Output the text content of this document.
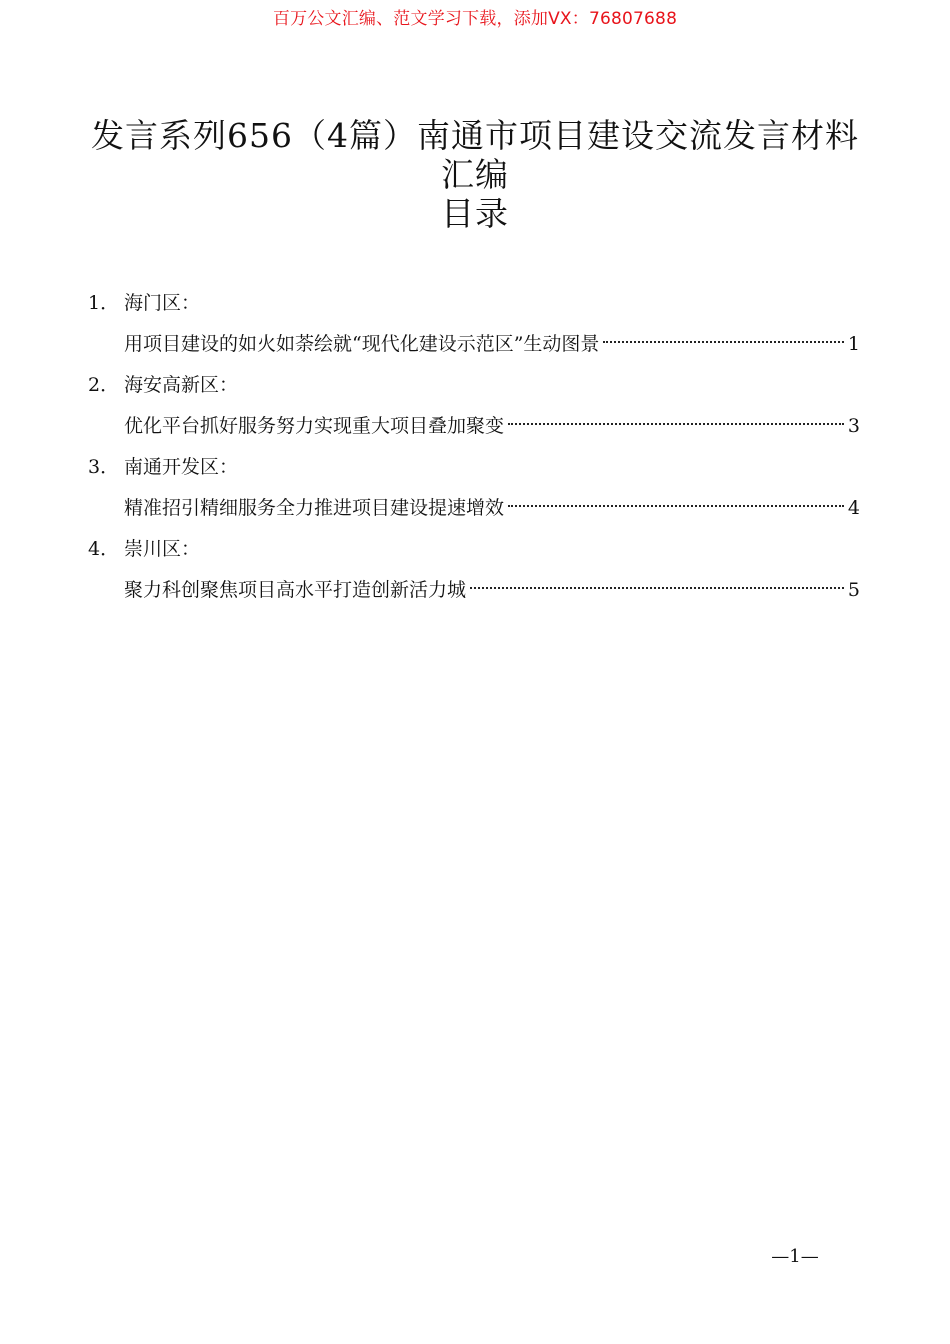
百万公文汇编、范文学习下载，添加VX：76807688
发言系列656（4篇）南通市项目建设交流发言材料
汇编
目录
1． 海门区：
用项目建设的如火如荼绘就“现代化建设示范区”生动图景	1
2． 海安高新区：
优化平台抓好服务努力实现重大项目叠加聚变	3
3． 南通开发区：
精准招引精细服务全力推进项目建设提速增效	4
4． 崇川区：
聚力科创聚焦项目高水平打造创新活力城	5
—1—
